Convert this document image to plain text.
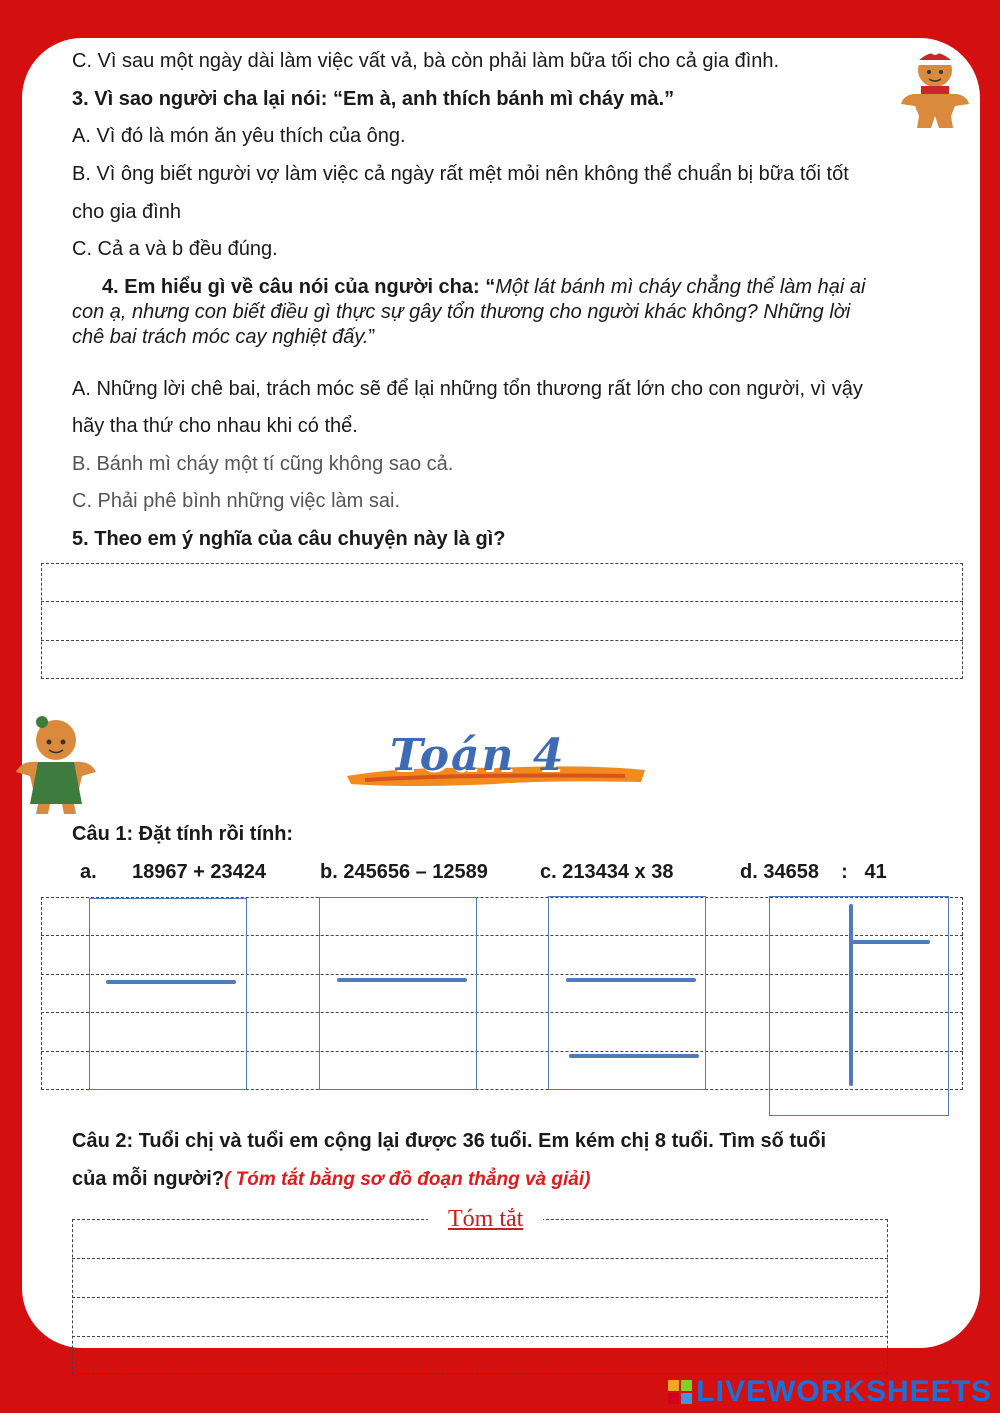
C. Vì sau một ngày dài làm việc vất vả, bà còn phải làm bữa tối cho cả gia đình.
3. Vì sao người cha lại nói: “Em à, anh thích bánh mì cháy mà.”
A. Vì đó là món ăn yêu thích của ông.
B. Vì ông biết người vợ làm việc cả ngày rất mệt mỏi nên không thể chuẩn bị bữa tối tốt
cho gia đình
C. Cả a và b đều đúng.
4. Em hiểu gì về câu nói của người cha: “Một lát bánh mì cháy chẳng thể làm hại ai
con ạ, nhưng con biết điều gì thực sự gây tổn thương cho người khác không? Những lời
chê bai trách móc cay nghiệt đấy.”
A. Những lời chê bai, trách móc sẽ để lại những tổn thương rất lớn cho con người, vì vậy
hãy tha thứ cho nhau khi có thể.
B. Bánh mì cháy một tí cũng không sao cả.
C. Phải phê bình những việc làm sai.
5. Theo em ý nghĩa của câu chuyện này là gì?
Toán 4
Câu 1: Đặt tính rồi tính:
a. 18967 + 23424	b. 245656 – 12589	c. 213434 x 38	d. 34658    :   41
Câu 2: Tuổi chị và tuổi em cộng lại được 36 tuổi. Em kém chị 8 tuổi. Tìm số tuổi
của mỗi người?( Tóm tắt bằng sơ đồ đoạn thẳng và giải)
Tóm tắt
LIVEWORKSHEETS
